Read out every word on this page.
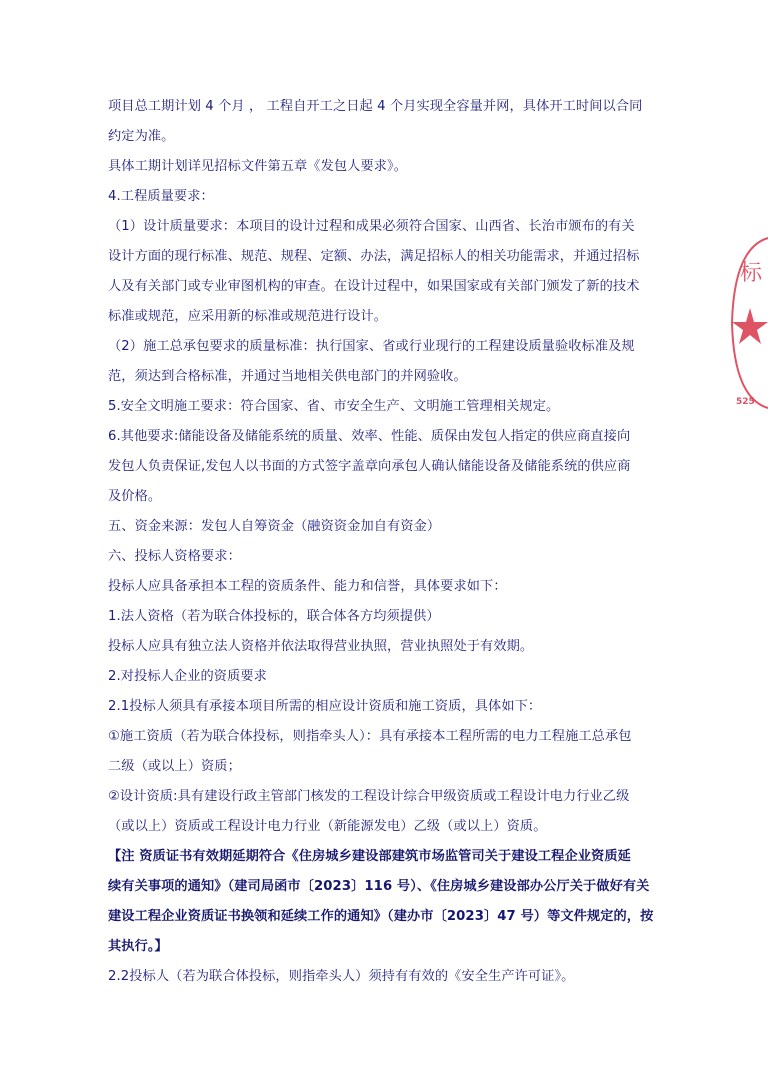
项目总工期计划 4 个月 ， 工程自开工之日起 4 个月实现全容量并网，具体开工时间以合同
约定为准。
具体工期计划详见招标文件第五章《发包人要求》。
4.工程质量要求：
（1）设计质量要求：本项目的设计过程和成果必须符合国家、山西省、长治市颁布的有关
设计方面的现行标准、规范、规程、定额、办法，满足招标人的相关功能需求，并通过招标
人及有关部门或专业审图机构的审查。在设计过程中，如果国家或有关部门颁发了新的技术
标准或规范，应采用新的标准或规范进行设计。
（2）施工总承包要求的质量标准：执行国家、省或行业现行的工程建设质量验收标准及规
范，须达到合格标准，并通过当地相关供电部门的并网验收。
5.安全文明施工要求：符合国家、省、市安全生产、文明施工管理相关规定。
6.其他要求:储能设备及储能系统的质量、效率、性能、质保由发包人指定的供应商直接向
发包人负责保证,发包人以书面的方式签字盖章向承包人确认储能设备及储能系统的供应商
及价格。
五、资金来源：发包人自筹资金（融资资金加自有资金）
六、投标人资格要求：
投标人应具备承担本工程的资质条件、能力和信誉，具体要求如下：
1.法人资格（若为联合体投标的，联合体各方均须提供）
投标人应具有独立法人资格并依法取得营业执照，营业执照处于有效期。
2.对投标人企业的资质要求
2.1投标人须具有承接本项目所需的相应设计资质和施工资质，具体如下：
①施工资质（若为联合体投标，则指牵头人）：具有承接本工程所需的电力工程施工总承包
二级（或以上）资质；
②设计资质:具有建设行政主管部门核发的工程设计综合甲级资质或工程设计电力行业乙级
（或以上）资质或工程设计电力行业（新能源发电）乙级（或以上）资质。
【注 资质证书有效期延期符合《住房城乡建设部建筑市场监管司关于建设工程企业资质延
续有关事项的通知》（建司局函市〔2023〕116 号）、《住房城乡建设部办公厅关于做好有关
建设工程企业资质证书换领和延续工作的通知》（建办市〔2023〕47 号）等文件规定的，按
其执行。】
2.2投标人（若为联合体投标，则指牵头人）须持有有效的《安全生产许可证》。
标
525
